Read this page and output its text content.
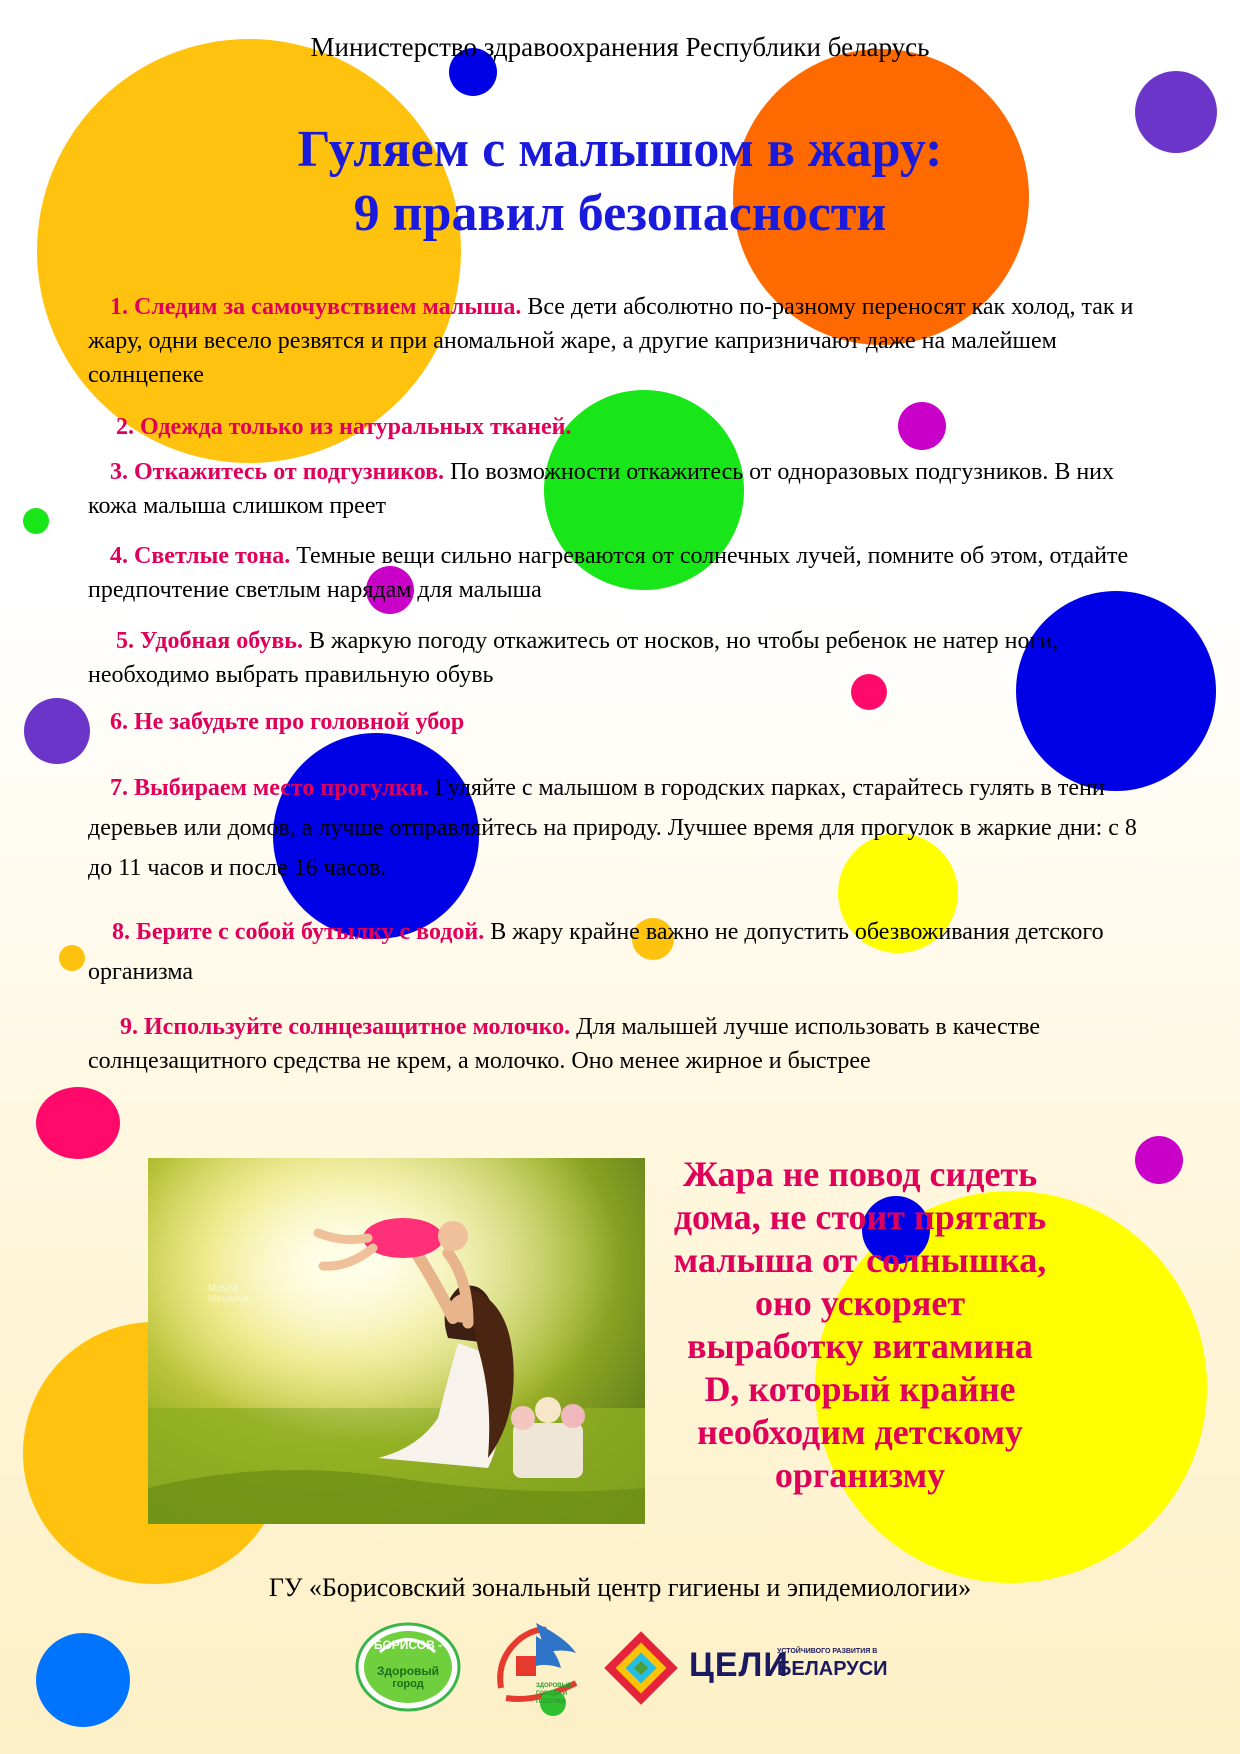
Министерство здравоохранения Республики беларусь
Гуляем с малышом в жару:
9 правил безопасности
1. Следим за самочувствием малыша. Все дети абсолютно по-разному переносят как холод, так и жару, одни весело резвятся и при аномальной жаре, а другие капризничают даже на малейшем солнцепеке
2. Одежда только из натуральных тканей.
3. Откажитесь от подгузников. По возможности откажитесь от одноразовых подгузников. В них кожа малыша слишком преет
4. Светлые тона. Темные вещи сильно нагреваются от солнечных лучей, помните об этом, отдайте предпочтение светлым нарядам для малыша
5. Удобная обувь. В жаркую погоду откажитесь от носков, но чтобы ребенок не натер ноги, необходимо выбрать правильную обувь
6. Не забудьте про головной убор
7. Выбираем место прогулки. Гуляйте с малышом в городских парках, старайтесь гулять в тени деревьев или домов, а лучше отправляйтесь на природу. Лучшее время для прогулок в жаркие дни: с 8 до 11 часов и после 16 часов.
8. Берите с собой бутылку с водой. В жару крайне важно не допустить обезвоживания детского организма
9. Используйте солнцезащитное молочко. Для малышей лучше использовать в качестве солнцезащитного средства не крем, а молочко. Оно менее жирное и быстрее
Masha Mironova
Жара не повод сидеть дома, не стоит прятать малыша от солнышка, оно ускоряет выработку витамина D, который крайне необходим детскому организму
ГУ «Борисовский зональный центр гигиены и эпидемиологии»
БОРИСОВ -
Здоровый
город	ЗДОРОВЫЕ ГОРОДА И ПОСЕЛКИ
ЦЕЛИ
УСТОЙЧИВОГО РАЗВИТИЯ В
БЕЛАРУСИ
